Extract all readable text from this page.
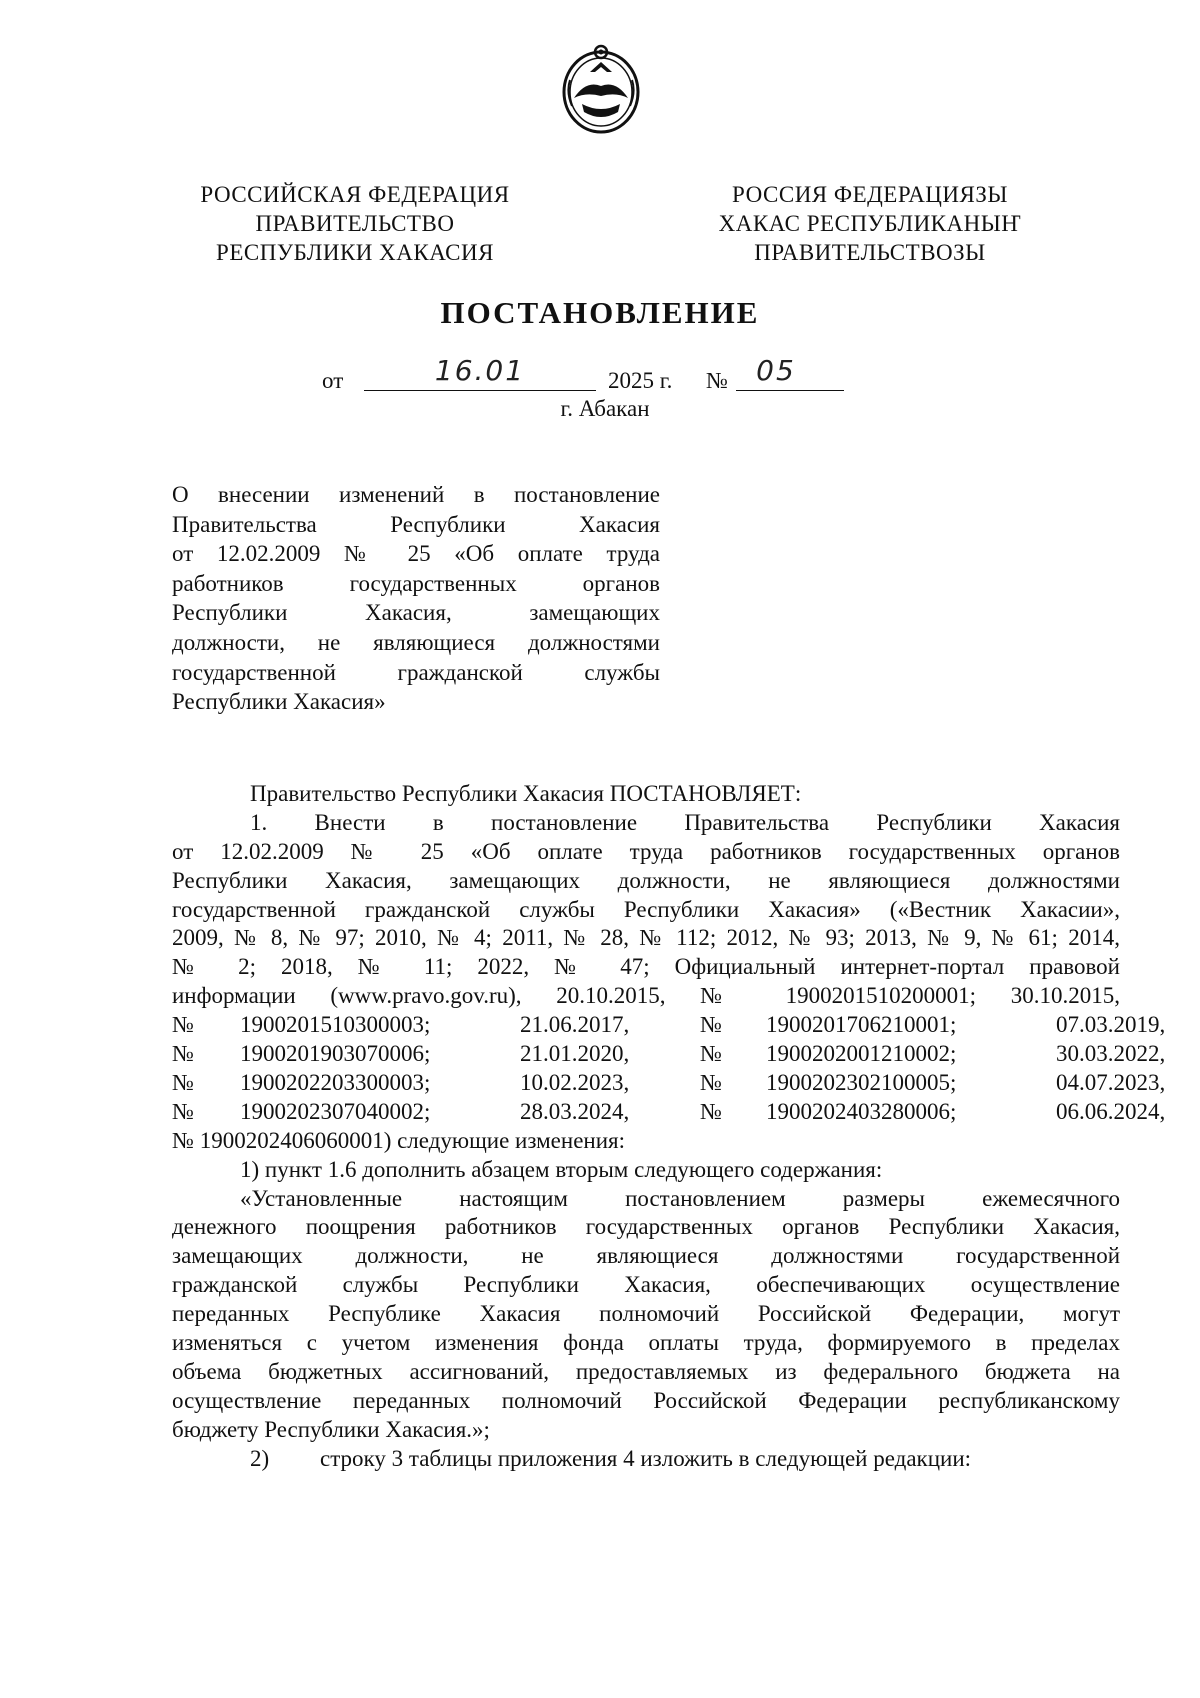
РОССИЙСКАЯ ФЕДЕРАЦИЯ
ПРАВИТЕЛЬСТВО
РЕСПУБЛИКИ ХАКАСИЯ
РОССИЯ ФЕДЕРАЦИЯЗЫ
ХАКАС РЕСПУБЛИКАНЫҤ
ПРАВИТЕЛЬСТВОЗЫ
ПОСТАНОВЛЕНИЕ
от	16.01	2025 г. №	05
г. Абакан
О внесении изменений в постановление
Правительства Республики Хакасия
от 12.02.2009 № 25 «Об оплате труда
работников государственных органов
Республики Хакасия, замещающих
должности, не являющиеся должностями
государственной гражданской службы
Республики Хакасия»
Правительство Республики Хакасия ПОСТАНОВЛЯЕТ:
1. Внести в постановление Правительства Республики Хакасия
от 12.02.2009 № 25 «Об оплате труда работников государственных органов
Республики Хакасия, замещающих должности, не являющиеся должностями
государственной гражданской службы Республики Хакасия» («Вестник Хакасии»,
2009, № 8, № 97; 2010, № 4; 2011, № 28, № 112; 2012, № 93; 2013, № 9, № 61; 2014,
№ 2; 2018, № 11; 2022, № 47; Официальный интернет-портал правовой
информации (www.pravo.gov.ru), 20.10.2015, № 1900201510200001; 30.10.2015,
№	1900201510300003;	21.06.2017,	№	1900201706210001;	07.03.2019,
№	1900201903070006;	21.01.2020,	№	1900202001210002;	30.03.2022,
№	1900202203300003;	10.02.2023,	№	1900202302100005;	04.07.2023,
№	1900202307040002;	28.03.2024,	№	1900202403280006;	06.06.2024,
№ 1900202406060001) следующие изменения:
1) пункт 1.6 дополнить абзацем вторым следующего содержания:
«Установленные настоящим постановлением размеры ежемесячного
денежного поощрения работников государственных органов Республики Хакасия,
замещающих должности, не являющиеся должностями государственной
гражданской службы Республики Хакасия, обеспечивающих осуществление
переданных Республике Хакасия полномочий Российской Федерации, могут
изменяться с учетом изменения фонда оплаты труда, формируемого в пределах
объема бюджетных ассигнований, предоставляемых из федерального бюджета на
осуществление переданных полномочий Российской Федерации республиканскому
бюджету Республики Хакасия.»;
2) строку 3 таблицы приложения 4 изложить в следующей редакции:
